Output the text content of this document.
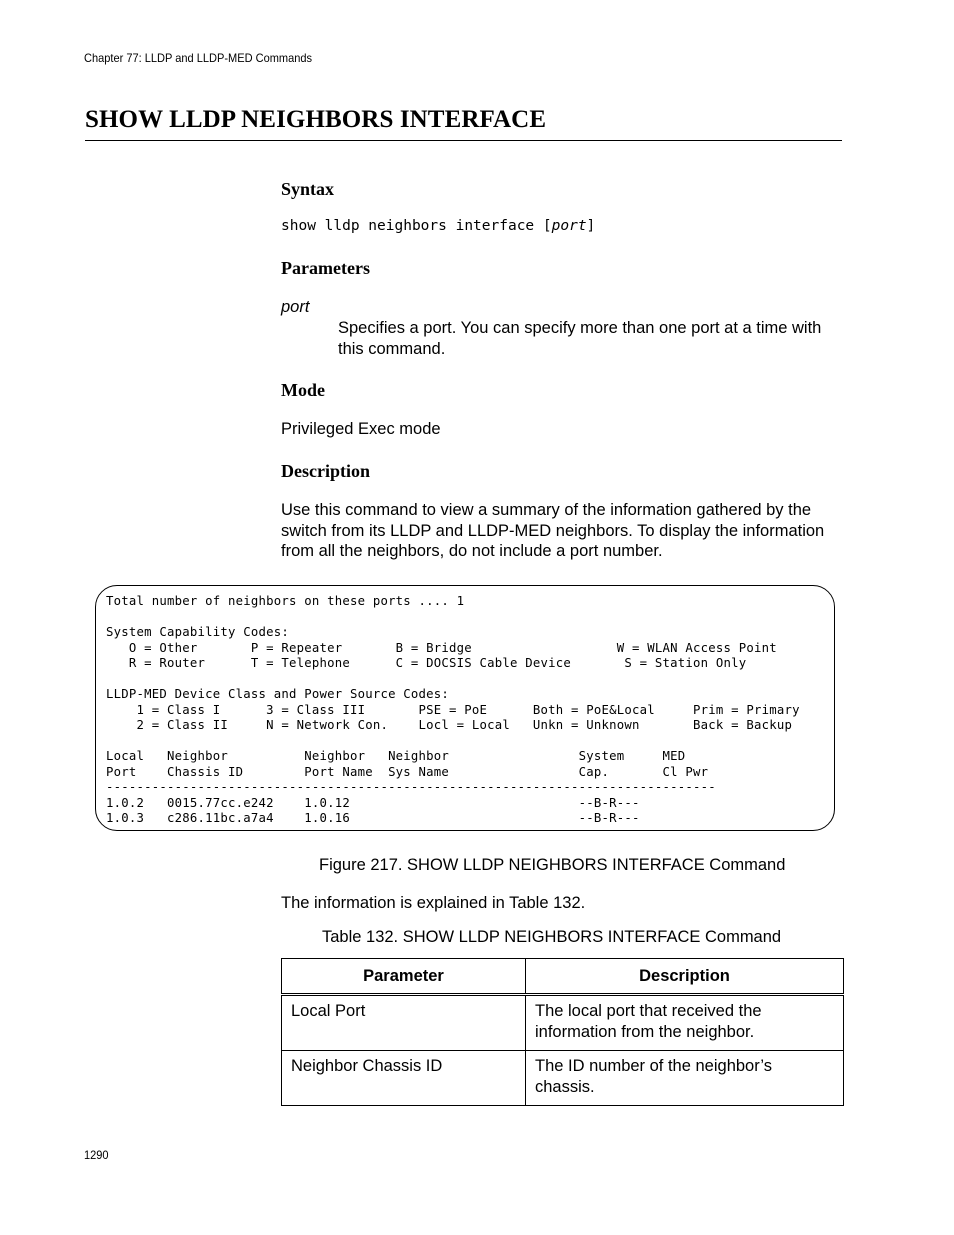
Chapter 77: LLDP and LLDP-MED Commands
SHOW LLDP NEIGHBORS INTERFACE
Syntax
show lldp neighbors interface [port]
Parameters
port
Specifies a port. You can specify more than one port at a time with this command.
Mode
Privileged Exec mode
Description
Use this command to view a summary of the information gathered by the switch from its LLDP and LLDP-MED neighbors. To display the information from all the neighbors, do not include a port number.
Total number of neighbors on these ports .... 1

System Capability Codes:
O = Other       P = Repeater       B = Bridge                   W = WLAN Access Point
R = Router      T = Telephone      C = DOCSIS Cable Device       S = Station Only

LLDP-MED Device Class and Power Source Codes:
1 = Class I      3 = Class III       PSE = PoE      Both = PoE&Local     Prim = Primary
2 = Class II     N = Network Con.    Locl = Local   Unkn = Unknown       Back = Backup

Local   Neighbor          Neighbor   Neighbor                 System     MED
Port    Chassis ID        Port Name  Sys Name                 Cap.       Cl Pwr
--------------------------------------------------------------------------------
1.0.2   0015.77cc.e242    1.0.12                              --B-R---
1.0.3   c286.11bc.a7a4    1.0.16                              --B-R---
Figure 217. SHOW LLDP NEIGHBORS INTERFACE Command
The information is explained in Table 132.
Table 132. SHOW LLDP NEIGHBORS INTERFACE Command
Parameter	Description
Local Port	The local port that received the information from the neighbor.
Neighbor Chassis ID	The ID number of the neighbor’s chassis.
1290
